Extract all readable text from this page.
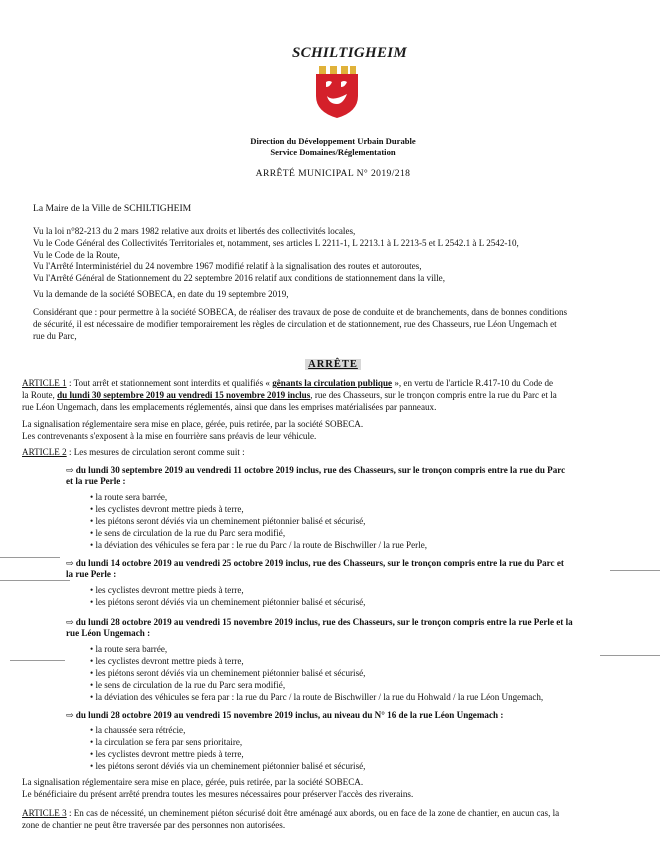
SCHILTIGHEIM
Direction du Développement Urbain Durable
Service Domaines/Réglementation
ARRÊTÉ MUNICIPAL N° 2019/218
La Maire de la Ville de SCHILTIGHEIM
Vu la loi n°82-213 du 2 mars 1982 relative aux droits et libertés des collectivités locales,
Vu le Code Général des Collectivités Territoriales et, notamment, ses articles L 2211-1, L 2213.1 à L 2213-5 et L 2542.1 à L 2542-10,
Vu le Code de la Route,
Vu l'Arrêté Interministériel du 24 novembre 1967 modifié relatif à la signalisation des routes et autoroutes,
Vu l'Arrêté Général de Stationnement du 22 septembre 2016 relatif aux conditions de stationnement dans la ville,
Vu la demande de la société SOBECA, en date du 19 septembre 2019,
Considérant que : pour permettre à la société SOBECA, de réaliser des travaux de pose de conduite et de branchements, dans de bonnes conditions
de sécurité, il est nécessaire de modifier temporairement les règles de circulation et de stationnement, rue des Chasseurs, rue Léon Ungemach et
rue du Parc,
ARRÊTE
ARTICLE 1 : Tout arrêt et stationnement sont interdits et qualifiés « gênants la circulation publique », en vertu de l'article R.417-10 du Code de
la Route, du lundi 30 septembre 2019 au vendredi 15 novembre 2019 inclus, rue des Chasseurs, sur le tronçon compris entre la rue du Parc et la
rue Léon Ungemach, dans les emplacements réglementés, ainsi que dans les emprises matérialisées par panneaux.
La signalisation réglementaire sera mise en place, gérée, puis retirée, par la société SOBECA.
Les contrevenants s'exposent à la mise en fourrière sans préavis de leur véhicule.
ARTICLE 2 : Les mesures de circulation seront comme suit :
⇨ du lundi 30 septembre 2019 au vendredi 11 octobre 2019 inclus, rue des Chasseurs, sur le tronçon compris entre la rue du Parc
et la rue Perle :
• la route sera barrée,
• les cyclistes devront mettre pieds à terre,
• les piétons seront déviés via un cheminement piétonnier balisé et sécurisé,
• le sens de circulation de la rue du Parc sera modifié,
• la déviation des véhicules se fera par : le rue du Parc / la route de Bischwiller / la rue Perle,
⇨ du lundi 14 octobre 2019 au vendredi 25 octobre 2019 inclus, rue des Chasseurs, sur le tronçon compris entre la rue du Parc et
la rue Perle :
• les cyclistes devront mettre pieds à terre,
• les piétons seront déviés via un cheminement piétonnier balisé et sécurisé,
⇨ du lundi 28 octobre 2019 au vendredi 15 novembre 2019 inclus, rue des Chasseurs, sur le tronçon compris entre la rue Perle et la
rue Léon Ungemach :
• la route sera barrée,
• les cyclistes devront mettre pieds à terre,
• les piétons seront déviés via un cheminement piétonnier balisé et sécurisé,
• le sens de circulation de la rue du Parc sera modifié,
• la déviation des véhicules se fera par : la rue du Parc / la route de Bischwiller / la rue du Hohwald / la rue Léon Ungemach,
⇨ du lundi 28 octobre 2019 au vendredi 15 novembre 2019 inclus, au niveau du N° 16 de la rue Léon Ungemach :
• la chaussée sera rétrécie,
• la circulation se fera par sens prioritaire,
• les cyclistes devront mettre pieds à terre,
• les piétons seront déviés via un cheminement piétonnier balisé et sécurisé,
La signalisation réglementaire sera mise en place, gérée, puis retirée, par la société SOBECA.
Le bénéficiaire du présent arrêté prendra toutes les mesures nécessaires pour préserver l'accès des riverains.
ARTICLE 3 : En cas de nécessité, un cheminement piéton sécurisé doit être aménagé aux abords, ou en face de la zone de chantier, en aucun cas, la
zone de chantier ne peut être traversée par des personnes non autorisées.
